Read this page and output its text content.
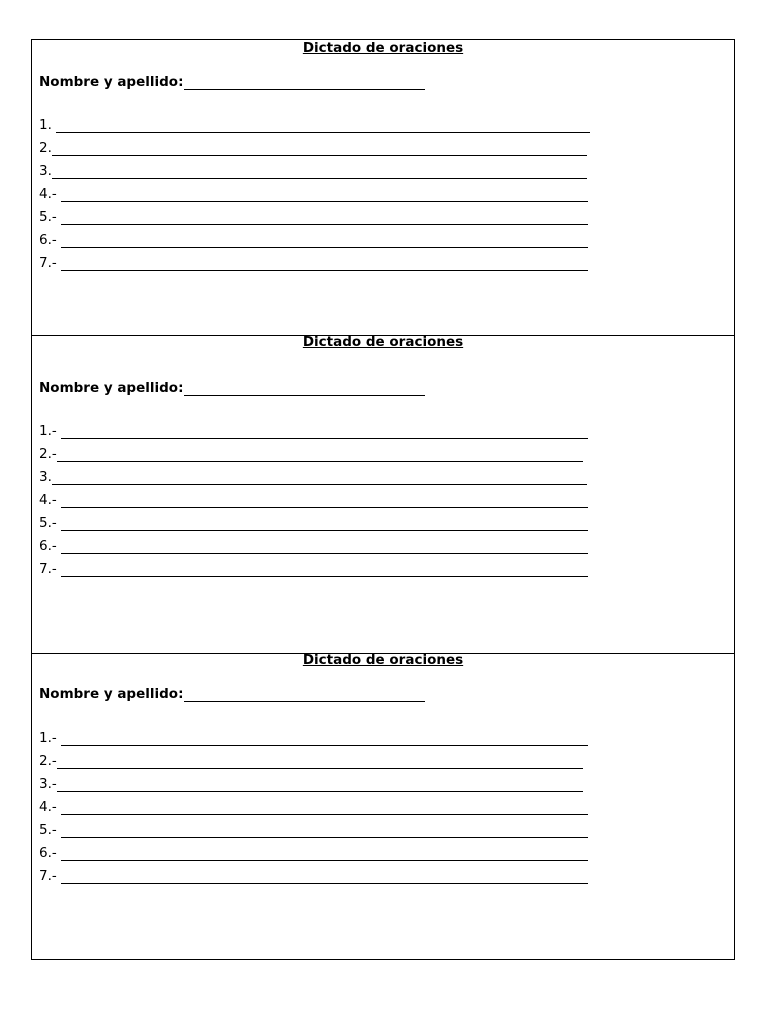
Dictado de oraciones
Nombre y apellido:
1.
2.
3.
4.-
5.-
6.-
7.-
Dictado de oraciones
Nombre y apellido:
1.-
2.-
3.
4.-
5.-
6.-
7.-
Dictado de oraciones
Nombre y apellido:
1.-
2.-
3.-
4.-
5.-
6.-
7.-
